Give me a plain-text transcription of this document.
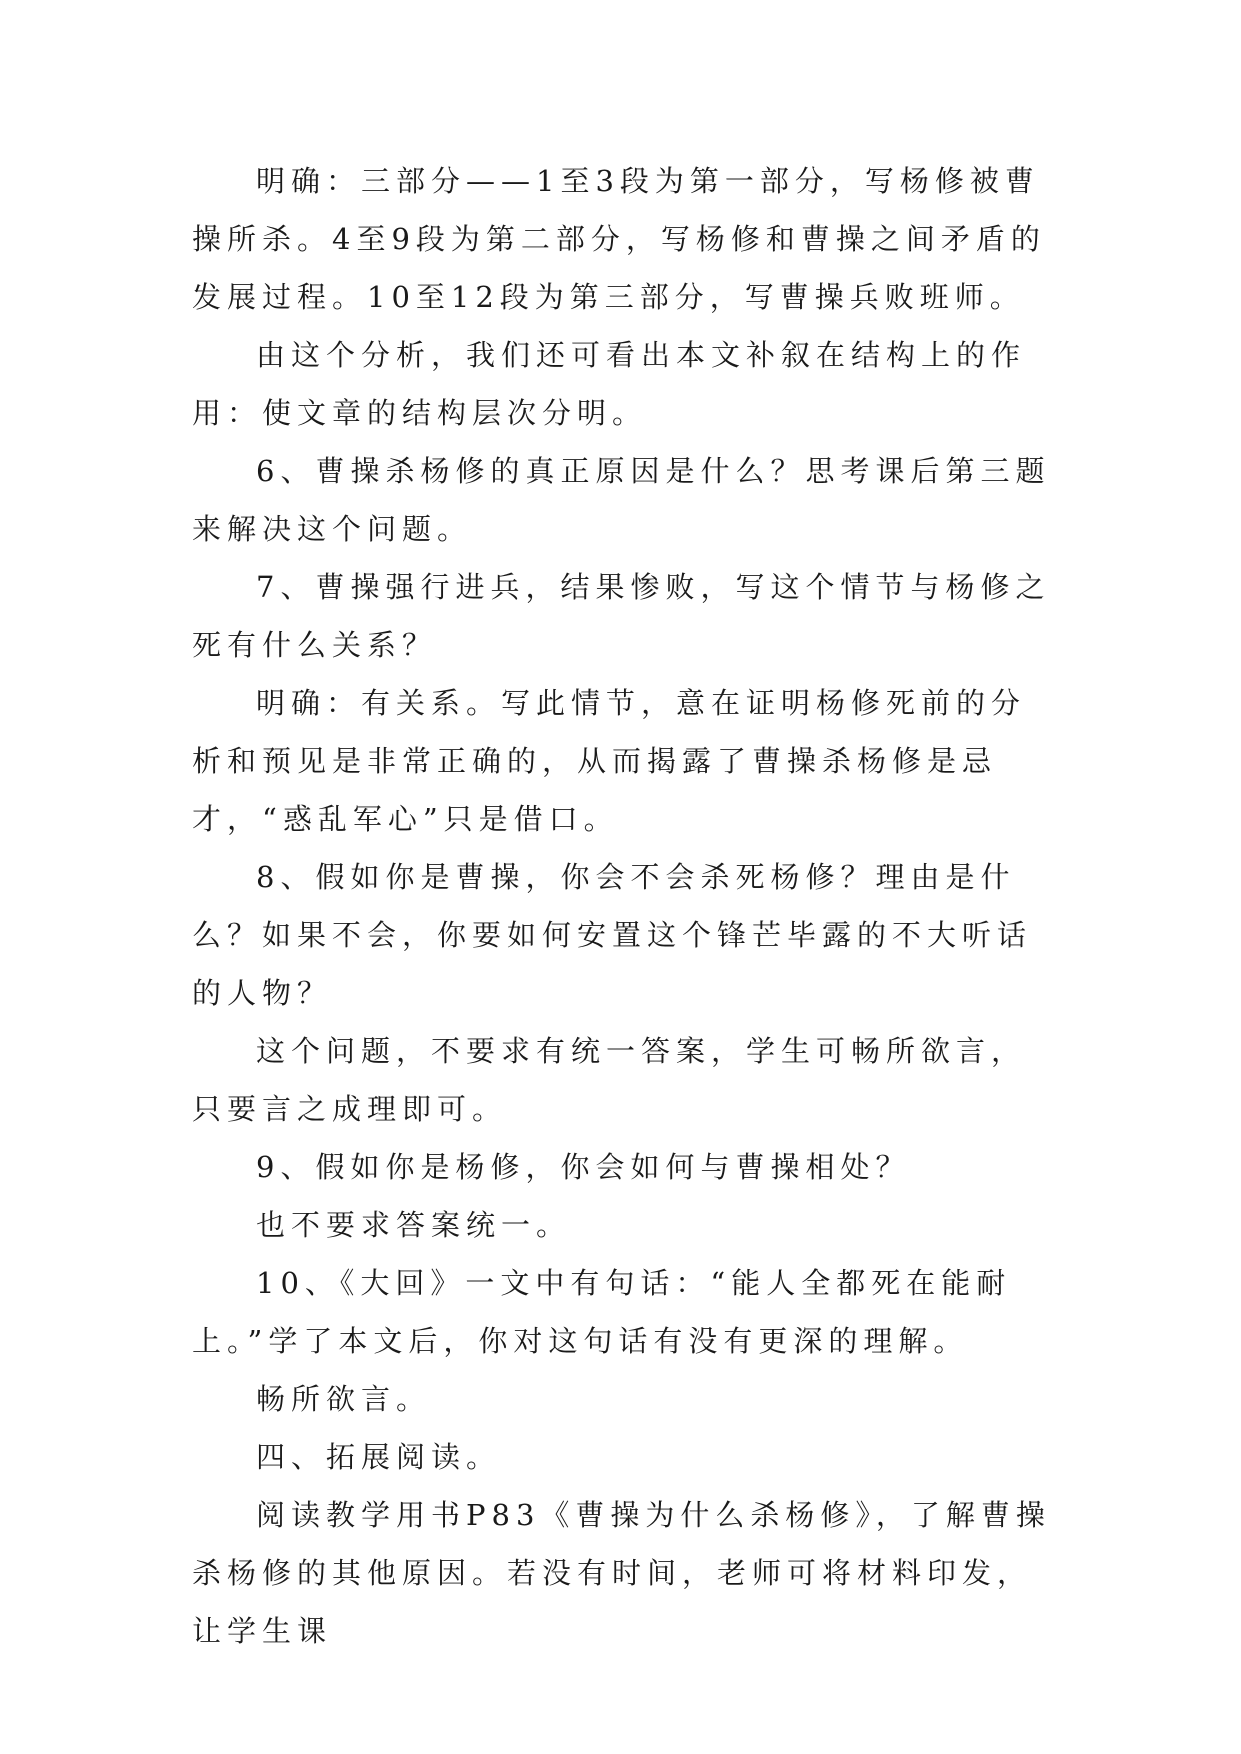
明确：三部分——1至3段为第一部分，写杨修被曹操所杀。4至9段为第二部分，写杨修和曹操之间矛盾的发展过程。10至12段为第三部分，写曹操兵败班师。

由这个分析，我们还可看出本文补叙在结构上的作用：使文章的结构层次分明。

6、曹操杀杨修的真正原因是什么？思考课后第三题来解决这个问题。

7、曹操强行进兵，结果惨败，写这个情节与杨修之死有什么关系？

明确：有关系。写此情节，意在证明杨修死前的分析和预见是非常正确的，从而揭露了曹操杀杨修是忌才，“惑乱军心”只是借口。

8、假如你是曹操，你会不会杀死杨修？理由是什么？如果不会，你要如何安置这个锋芒毕露的不大听话的人物？

这个问题，不要求有统一答案，学生可畅所欲言，只要言之成理即可。

9、假如你是杨修，你会如何与曹操相处？

也不要求答案统一。

10、《大回》一文中有句话：“能人全都死在能耐上。”学了本文后，你对这句话有没有更深的理解。

畅所欲言。

四、拓展阅读。

阅读教学用书P83《曹操为什么杀杨修》，了解曹操杀杨修的其他原因。若没有时间，老师可将材料印发，让学生课
